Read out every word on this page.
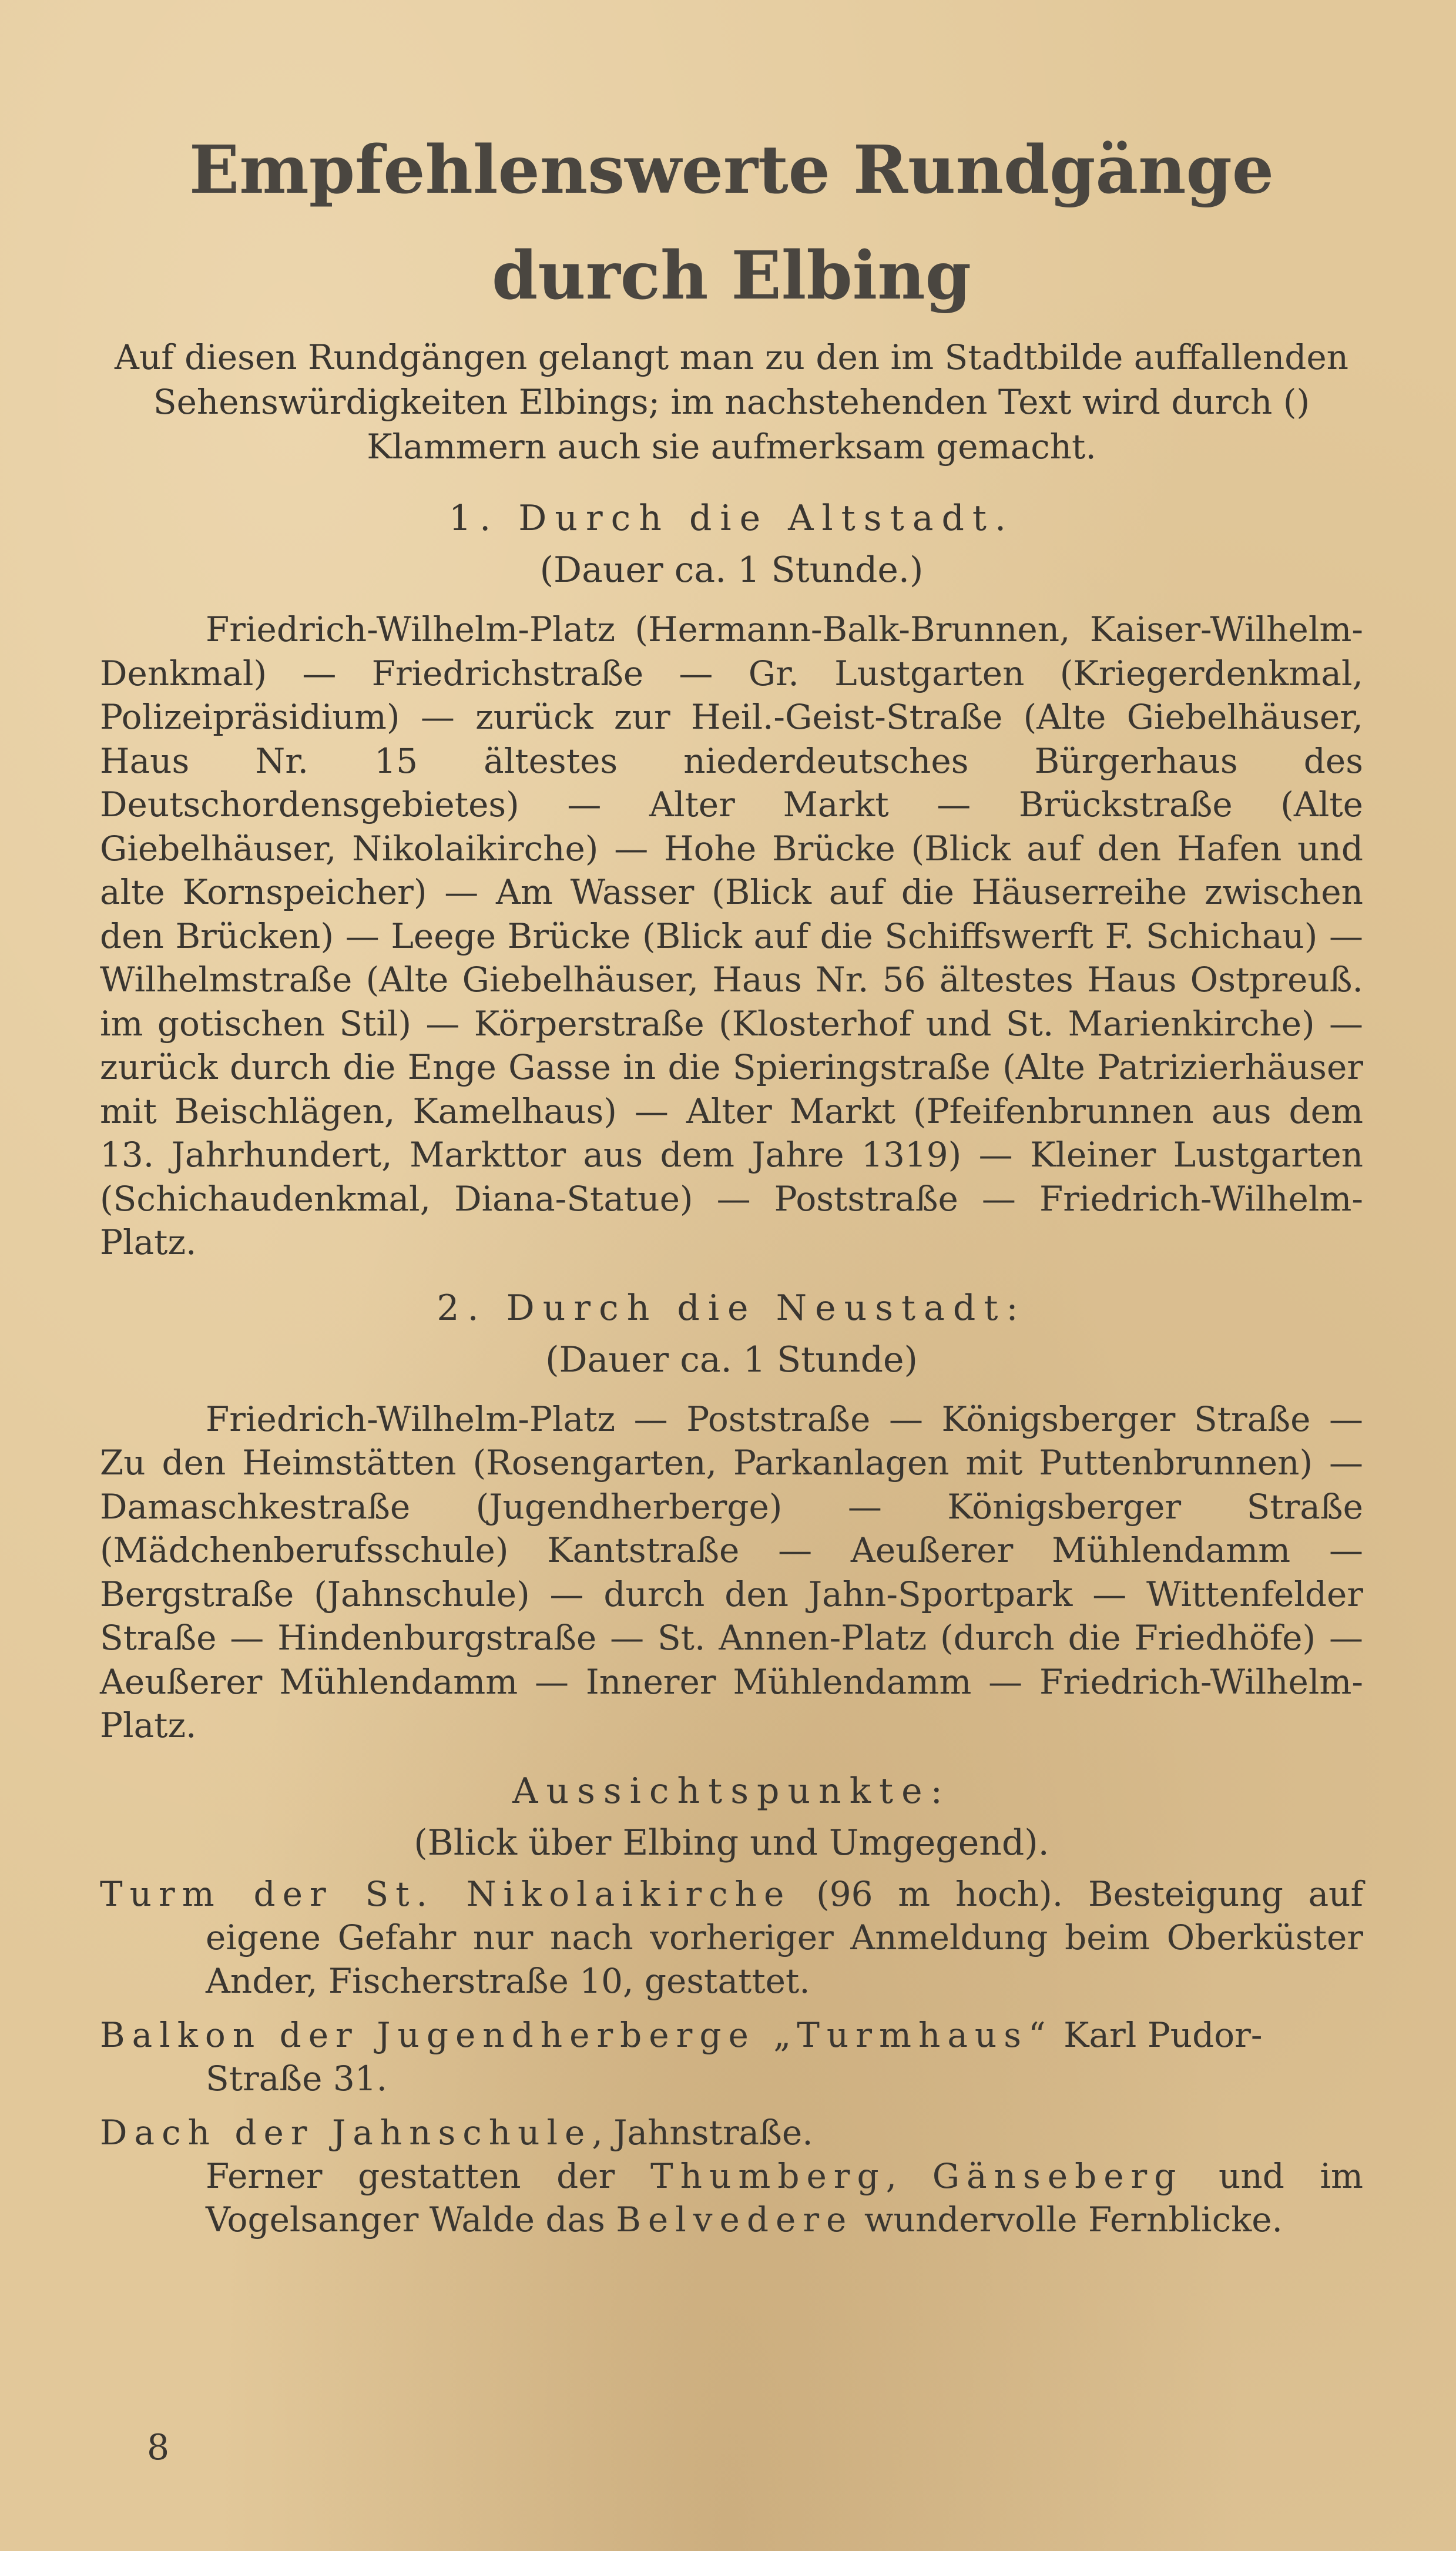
Empfehlenswerte Rundgänge
durch Elbing

Auf diesen Rundgängen gelangt man zu den im Stadtbilde auffallenden Sehenswürdigkeiten Elbings; im nachstehenden Text wird durch () Klammern auch sie aufmerksam gemacht.

1. Durch die Altstadt.
(Dauer ca. 1 Stunde.)

Friedrich-Wilhelm-Platz (Hermann-Balk-Brunnen, Kaiser-Wilhelm-Denkmal) — Friedrichstraße — Gr. Lustgarten (Kriegerdenkmal, Polizeipräsidium) — zurück zur Heil.-Geist-Straße (Alte Giebelhäuser, Haus Nr. 15 ältestes niederdeutsches Bürgerhaus des Deutschordensgebietes) — Alter Markt — Brückstraße (Alte Giebelhäuser, Nikolaikirche) — Hohe Brücke (Blick auf den Hafen und alte Kornspeicher) — Am Wasser (Blick auf die Häuserreihe zwischen den Brücken) — Leege Brücke (Blick auf die Schiffswerft F. Schichau) — Wilhelmstraße (Alte Giebelhäuser, Haus Nr. 56 ältestes Haus Ostpreuß. im gotischen Stil) — Körperstraße (Klosterhof und St. Marienkirche) — zurück durch die Enge Gasse in die Spieringstraße (Alte Patrizierhäuser mit Beischlägen, Kamelhaus) — Alter Markt (Pfeifenbrunnen aus dem 13. Jahrhundert, Markttor aus dem Jahre 1319) — Kleiner Lustgarten (Schichaudenkmal, Diana-Statue) — Poststraße — Friedrich-Wilhelm-Platz.

2. Durch die Neustadt:
(Dauer ca. 1 Stunde)

Friedrich-Wilhelm-Platz — Poststraße — Königsberger Straße — Zu den Heimstätten (Rosengarten, Parkanlagen mit Puttenbrunnen) — Damaschkestraße (Jugendherberge) — Königsberger Straße (Mädchenberufsschule) Kantstraße — Aeußerer Mühlendamm — Bergstraße (Jahnschule) — durch den Jahn-Sportpark — Wittenfelder Straße — Hindenburgstraße — St. Annen-Platz (durch die Friedhöfe) — Aeußerer Mühlendamm — Innerer Mühlendamm — Friedrich-Wilhelm-Platz.

Aussichtspunkte:
(Blick über Elbing und Umgegend).
Turm der St. Nikolaikirche (96 m hoch). Besteigung auf eigene Gefahr nur nach vorheriger Anmeldung beim Oberküster Ander, Fischerstraße 10, gestattet.
Balkon der Jugendherberge „Turmhaus“ Karl Pudor-Straße 31.
Dach der Jahnschule, Jahnstraße.

Ferner gestatten der Thumberg, Gänseberg und im Vogelsanger Walde das Belvedere wundervolle Fernblicke.

8
